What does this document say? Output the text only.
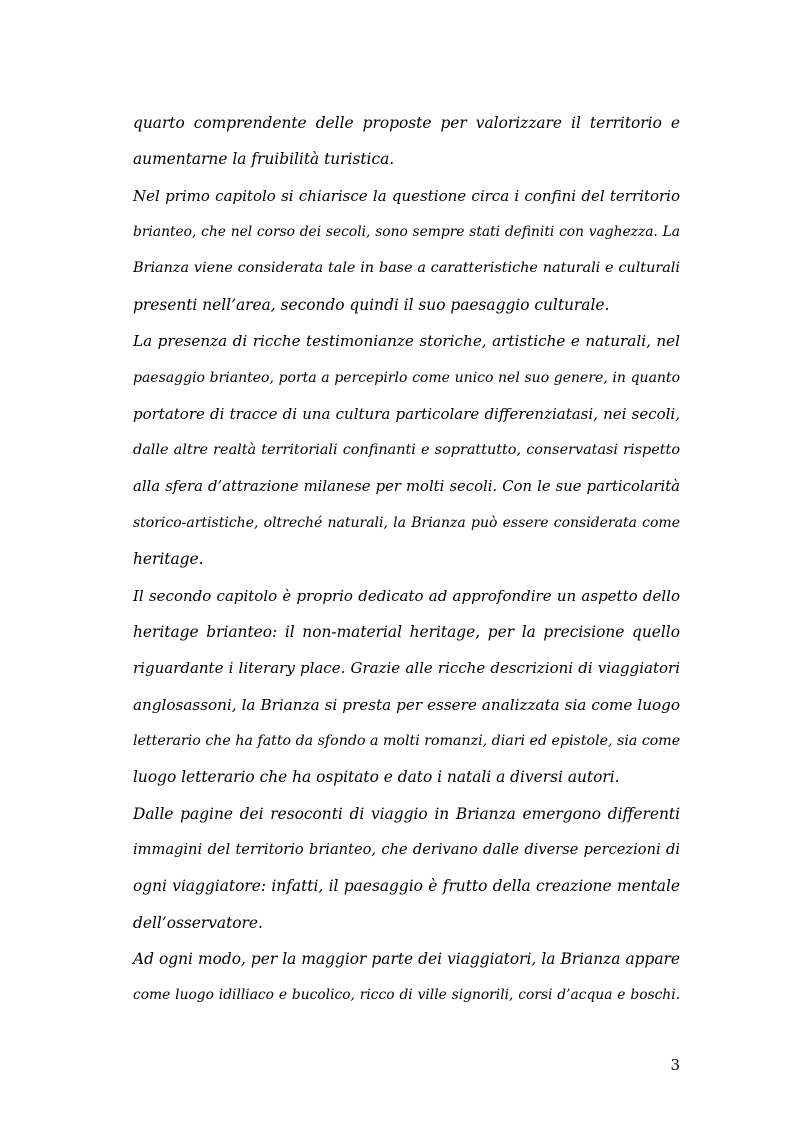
quarto comprendente delle proposte per valorizzare il territorio e
aumentarne la fruibilità turistica.
Nel primo capitolo si chiarisce la questione circa i confini del territorio
brianteo, che nel corso dei secoli, sono sempre stati definiti con vaghezza. La
Brianza viene considerata tale in base a caratteristiche naturali e culturali
presenti nell’area, secondo quindi il suo paesaggio culturale.
La presenza di ricche testimonianze storiche, artistiche e naturali, nel
paesaggio brianteo, porta a percepirlo come unico nel suo genere, in quanto
portatore di tracce di una cultura particolare differenziatasi, nei secoli,
dalle altre realtà territoriali confinanti e soprattutto, conservatasi rispetto
alla sfera d’attrazione milanese per molti secoli. Con le sue particolarità
storico-artistiche, oltreché naturali, la Brianza può essere considerata come
heritage.
Il secondo capitolo è proprio dedicato ad approfondire un aspetto dello
heritage brianteo: il non-material heritage, per la precisione quello
riguardante i literary place. Grazie alle ricche descrizioni di viaggiatori
anglosassoni, la Brianza si presta per essere analizzata sia come luogo
letterario che ha fatto da sfondo a molti romanzi, diari ed epistole, sia come
luogo letterario che ha ospitato e dato i natali a diversi autori.
Dalle pagine dei resoconti di viaggio in Brianza emergono differenti
immagini del territorio brianteo, che derivano dalle diverse percezioni di
ogni viaggiatore: infatti, il paesaggio è frutto della creazione mentale
dell’osservatore.
Ad ogni modo, per la maggior parte dei viaggiatori, la Brianza appare
come luogo idilliaco e bucolico, ricco di ville signorili, corsi d’acqua e boschi.
3
